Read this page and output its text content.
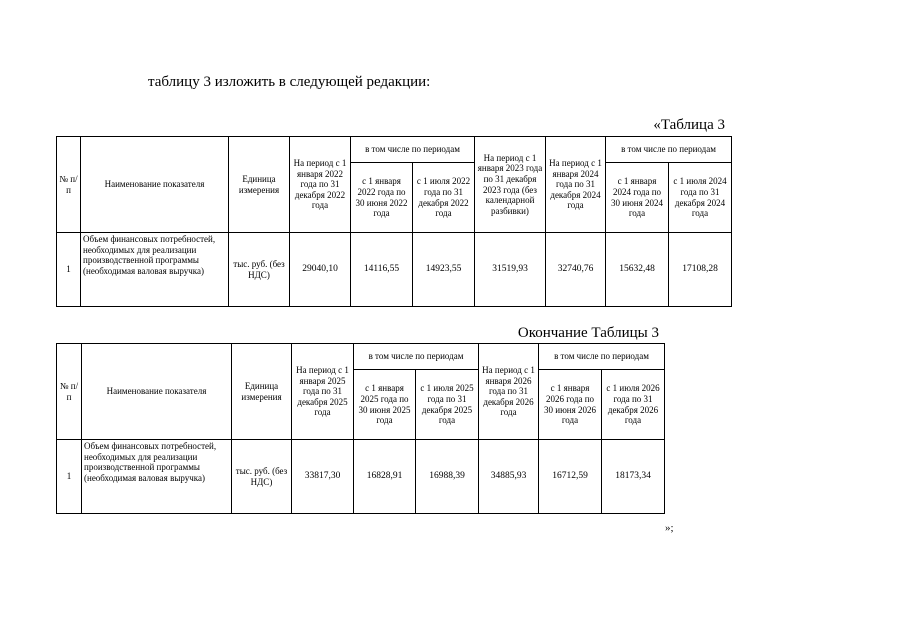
таблицу 3 изложить в следующей редакции:
«Таблица 3
№ п/п	Наименование показателя	Единица измерения	На период с 1 января 2022 года по 31 декабря 2022 года	в том числе по периодам		На период с 1 января 2023 года по 31 декабря 2023 года (без календарной разбивки)	На период с 1 января 2024 года по 31 декабря 2024 года	в том числе по периодам	
				с 1 января 2022 года по 30 июня 2022 года	с 1 июля 2022 года по 31 декабря 2022 года			с 1 января 2024 года по 30 июня 2024 года	с 1 июля 2024 года по 31 декабря 2024 года
1	Объем финансовых потребностей, необходимых для реализации производственной программы (необходимая валовая выручка)	тыс. руб. (без НДС)	29040,10	14116,55	14923,55	31519,93	32740,76	15632,48	17108,28
Окончание Таблицы 3
№ п/п	Наименование показателя	Единица измерения	На период с 1 января 2025 года по 31 декабря 2025 года	в том числе по периодам		На период с 1 января 2026 года по 31 декабря 2026 года	в том числе по периодам	
				с 1 января 2025 года по 30 июня 2025 года	с 1 июля 2025 года по 31 декабря 2025 года		с 1 января 2026 года по 30 июня 2026 года	с 1 июля 2026 года по 31 декабря 2026 года
1	Объем финансовых потребностей, необходимых для реализации производственной программы (необходимая валовая выручка)	тыс. руб. (без НДС)	33817,30	16828,91	16988,39	34885,93	16712,59	18173,34
»;
